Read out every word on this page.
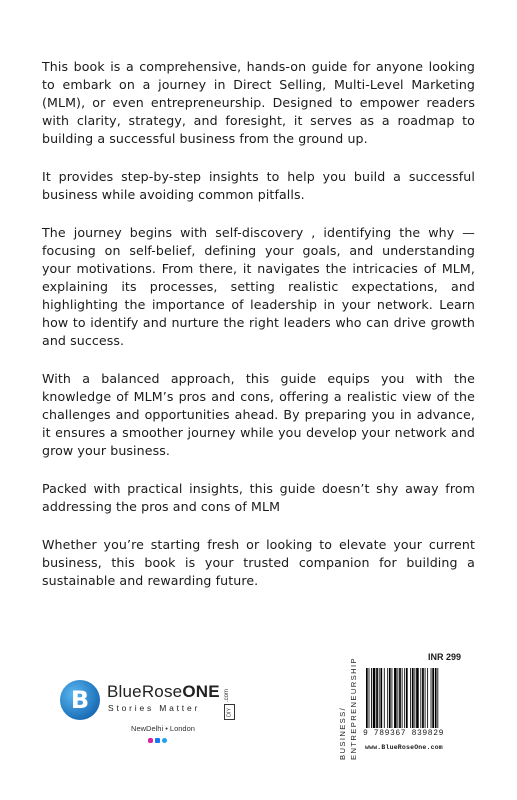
This book is a comprehensive, hands-on guide for anyone looking to embark on a journey in Direct Selling, Multi-Level Marketing (MLM), or even entrepreneurship. Designed to empower readers with clarity, strategy, and foresight, it serves as a roadmap to building a successful business from the ground up.

It provides step-by-step insights to help you build a successful business while avoiding common pitfalls.

The journey begins with self-discovery , identifying the why —focusing on self-belief, defining your goals, and understanding your motivations. From there, it navigates the intricacies of MLM, explaining its processes, setting realistic expectations, and highlighting the importance of leadership in your network. Learn how to identify and nurture the right leaders who can drive growth and success.

With a balanced approach, this guide equips you with the knowledge of MLM’s pros and cons, offering a realistic view of the challenges and opportunities ahead. By preparing you in advance, it ensures a smoother journey while you develop your network and grow your business.

Packed with practical insights, this guide doesn’t shy away from addressing the pros and cons of MLM

Whether you’re starting fresh or looking to elevate your current business, this book is your trusted companion for building a sustainable and rewarding future.

B BlueRoseONE .com
DIY
Stories Matter
NewDelhi • London	BUSINESS/ ENTREPRENEURSHIP	INR 299
9 789367 839829
www.BlueRoseOne.com
